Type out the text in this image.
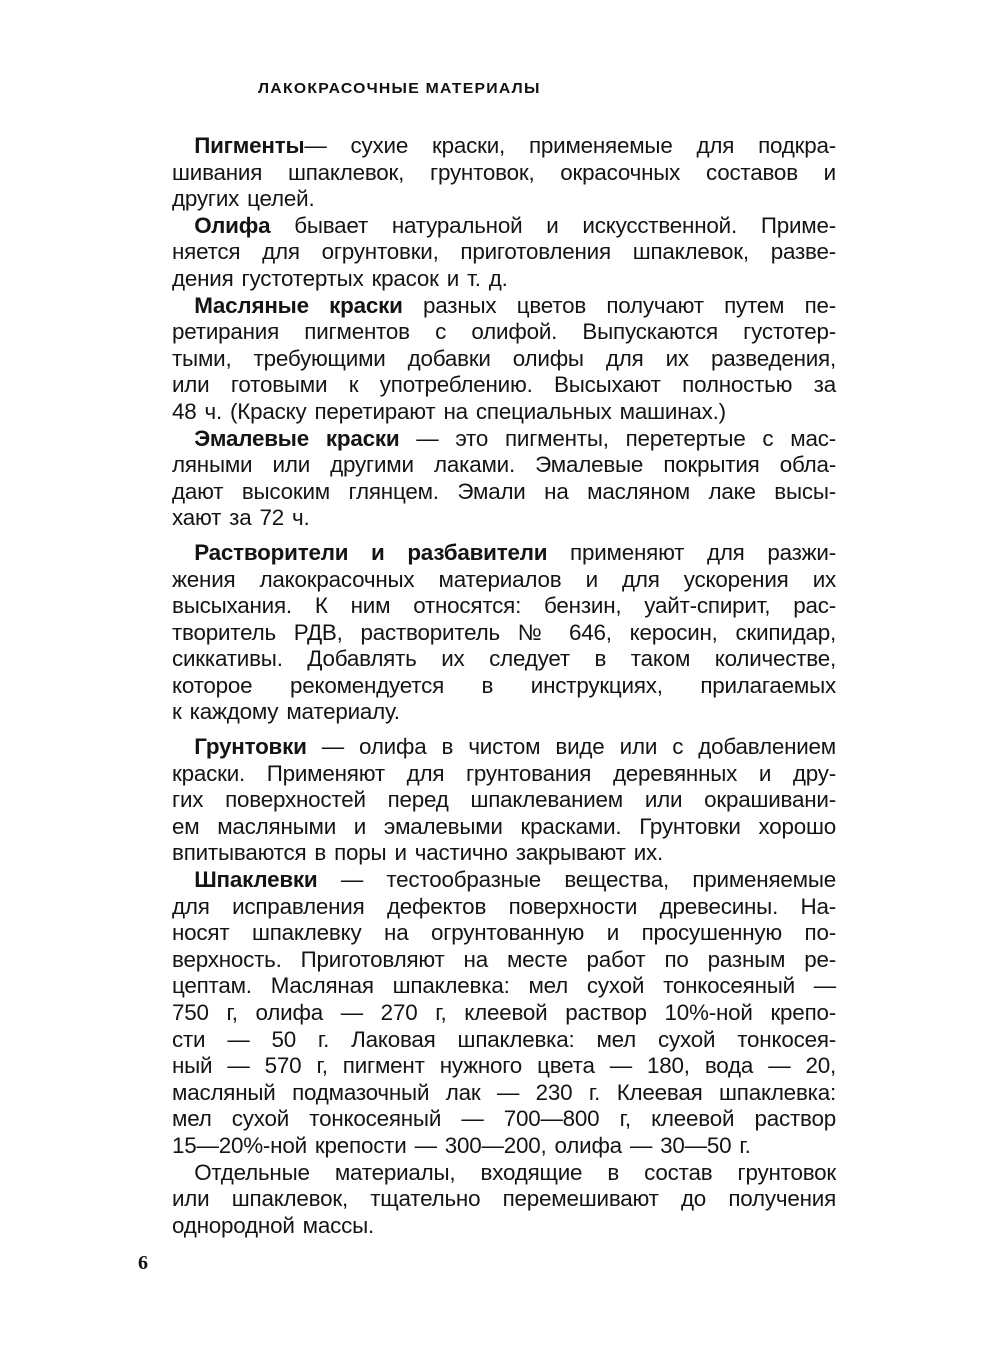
ЛАКОКРАСОЧНЫЕ МАТЕРИАЛЫ

 Пигменты— сухие краски, применяемые для подкра-
шивания шпаклевок, грунтовок, окрасочных составов и
других целей.

 Олифа бывает натуральной и искусственной. Приме-
няется для огрунтовки, приготовления шпаклевок, разве-
дения густотертых красок и т. д.

 Масляные краски разных цветов получают путем пе-
ретирания пигментов с олифой. Выпускаются густотер-
тыми, требующими добавки олифы для их разведения,
или готовыми к употреблению. Высыхают полностью за
48 ч. (Краску перетирают на специальных машинах.)

 Эмалевые краски — это пигменты, перетертые с мас-
ляными или другими лаками. Эмалевые покрытия обла-
дают высоким глянцем. Эмали на масляном лаке высы-
хают за 72 ч.

 Растворители и разбавители применяют для разжи-
жения лакокрасочных материалов и для ускорения их
высыхания. К ним относятся: бензин, уайт-спирит, рас-
творитель РДВ, растворитель № 646, керосин, скипидар,
сиккативы. Добавлять их следует в таком количестве,
которое рекомендуется в инструкциях, прилагаемых
к каждому материалу.

 Грунтовки — олифа в чистом виде или с добавлением
краски. Применяют для грунтования деревянных и дру-
гих поверхностей перед шпаклеванием или окрашивани-
ем масляными и эмалевыми красками. Грунтовки хорошо
впитываются в поры и частично закрывают их.

 Шпаклевки — тестообразные вещества, применяемые
для исправления дефектов поверхности древесины. На-
носят шпаклевку на огрунтованную и просушенную по-
верхность. Приготовляют на месте работ по разным ре-
цептам. Масляная шпаклевка: мел сухой тонкосеяный —
750 г, олифа — 270 г, клеевой раствор 10%-ной крепо-
сти — 50 г. Лаковая шпаклевка: мел сухой тонкосея-
ный — 570 г, пигмент нужного цвета — 180, вода — 20,
масляный подмазочный лак — 230 г. Клеевая шпаклевка:
мел сухой тонкосеяный — 700—800 г, клеевой раствор
15—20%-ной крепости — 300—200, олифа — 30—50 г.

 Отдельные материалы, входящие в состав грунтовок
или шпаклевок, тщательно перемешивают до получения
однородной массы.

6
